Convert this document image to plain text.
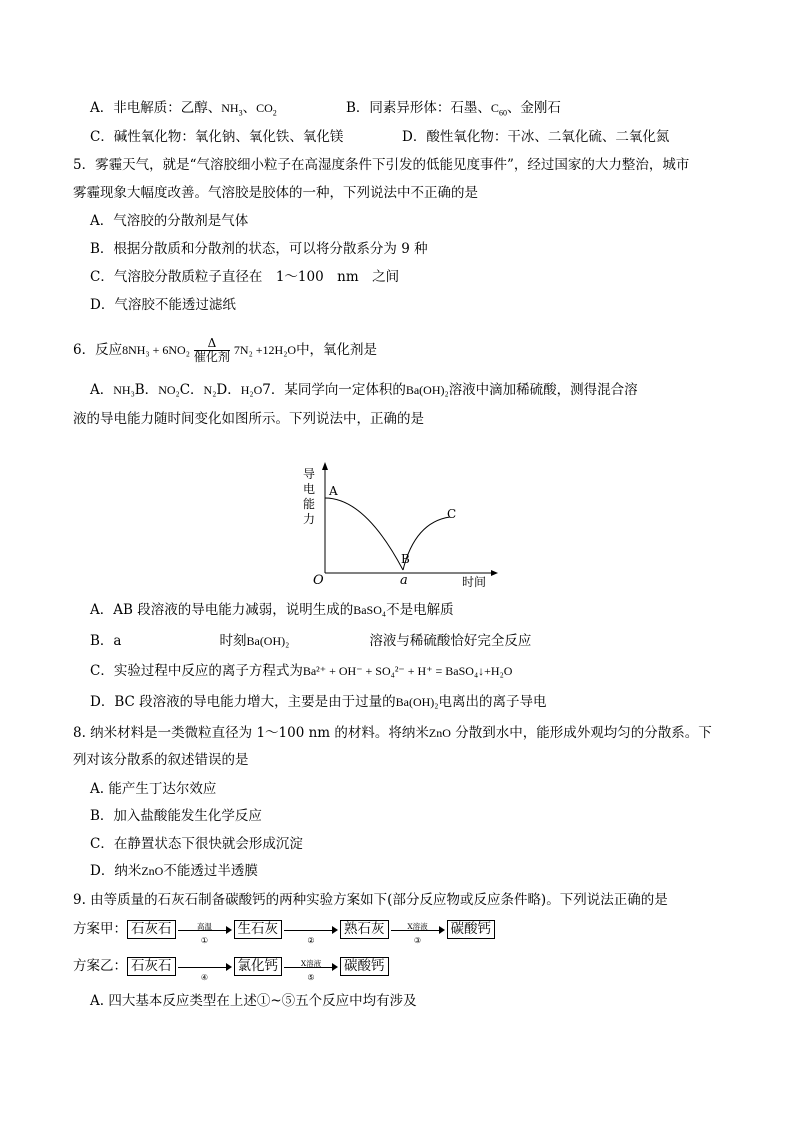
A．非电解质：乙醇、$NH_3$、$CO_2$	B．同素异形体：石墨、$C_{60}$、金刚石
C．碱性氧化物：氧化钠、氧化铁、氧化镁	D．酸性氧化物：干冰、二氧化硫、二氧化氮
5．雾霾天气，就是“气溶胶细小粒子在高湿度条件下引发的低能见度事件”，经过国家的大力整治，城市
雾霾现象大幅度改善。气溶胶是胶体的一种，下列说法中不正确的是
A．气溶胶的分散剂是气体
B．根据分散质和分散剂的状态，可以将分散系分为 9 种
C．气溶胶分散质粒子直径在　1～100　nm　之间
D．气溶胶不能透过滤纸
6．反应$8NH_3 + 6NO_2 \frac{\Delta}{\text{催化剂}} 7N_2 +12H_2O$中，氧化剂是
A．NH₃B．NO₂C．N₂D．H₂O7．某同学向一定体积的Ba(OH)₂溶液中滴加稀硫酸，测得混合溶
液的导电能力随时间变化如图所示。下列说法中，正确的是
O	a
A
B
C
时间
导
电
能
力
A．AB 段溶液的导电能力减弱，说明生成的BaSO₄不是电解质
B．a	时刻Ba(OH)₂	溶液与稀硫酸恰好完全反应
C．实验过程中反应的离子方程式为Ba²⁺ + OH⁻ + SO₄²⁻ + H⁺ = BaSO₄↓+H₂O
D．BC 段溶液的导电能力增大，主要是由于过量的Ba(OH)₂电离出的离子导电
8. 纳米材料是一类微粒直径为 1～100 nm 的材料。将纳米ZnO 分散到水中，能形成外观均匀的分散系。下
列对该分散系的叙述错误的是
A. 能产生丁达尔效应
B．加入盐酸能发生化学反应
C．在静置状态下很快就会形成沉淀
D．纳米ZnO不能透过半透膜
9. 由等质量的石灰石制备碳酸钙的两种实验方案如下(部分反应物或反应条件略)。下列说法正确的是
方案甲： 石灰石	高温
①
生石灰
②
熟石灰	X溶液
③
碳酸钙
方案乙： 石灰石
④
氯化钙	X溶液
⑤
碳酸钙
A. 四大基本反应类型在上述①~⑤五个反应中均有涉及
